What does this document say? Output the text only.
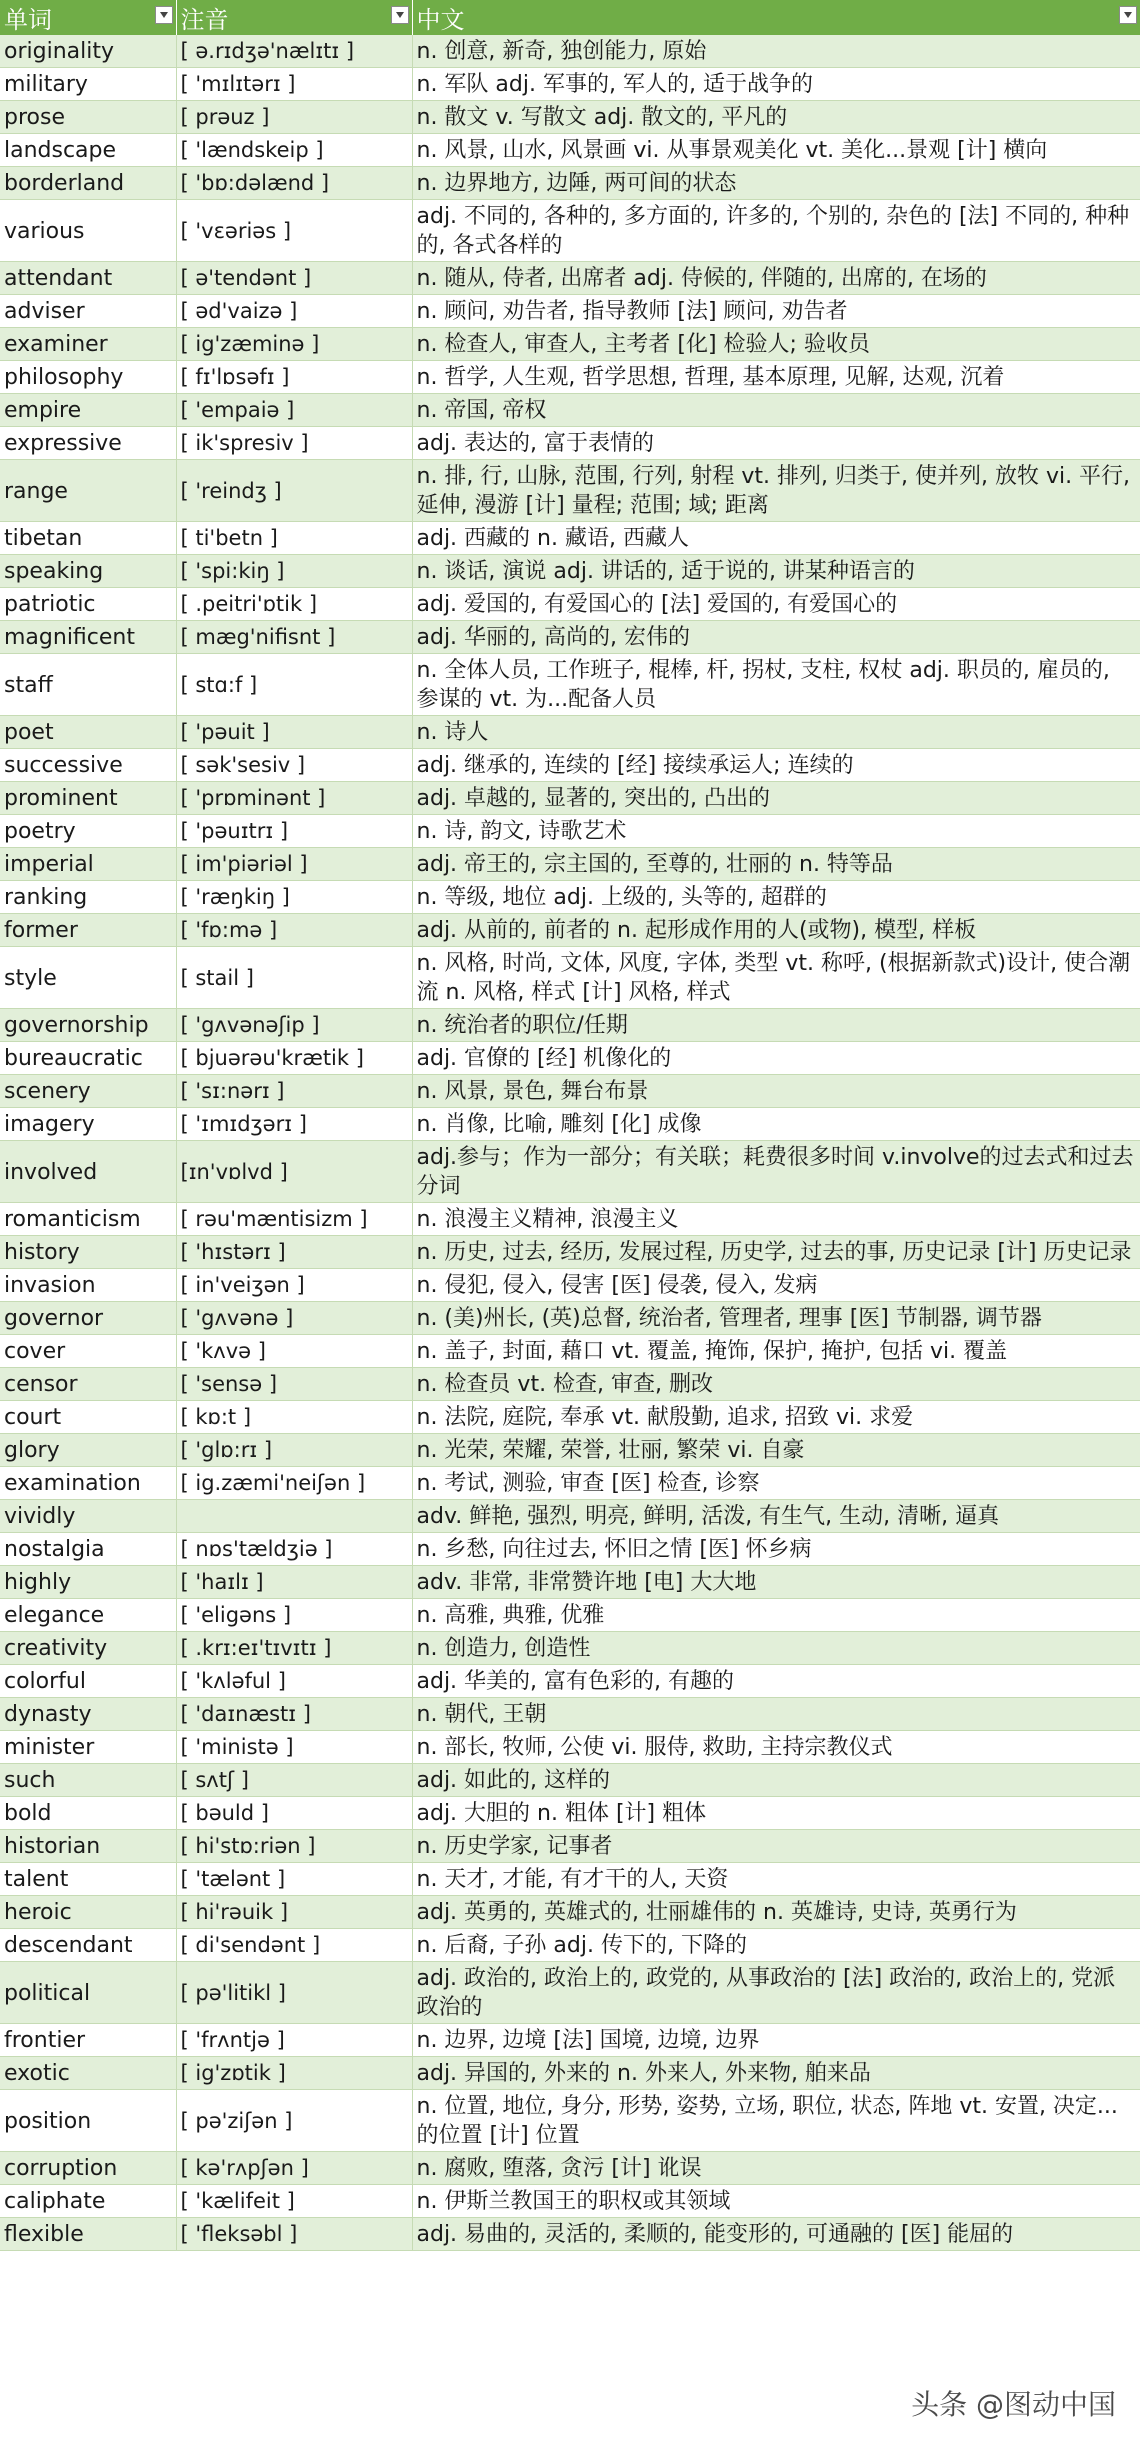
单词	注音	中文

originality	[ ə.rɪdʒə'nælɪtɪ ]	n. 创意, 新奇, 独创能力, 原始
military	[ 'mɪlɪtərɪ ]	n. 军队 adj. 军事的, 军人的, 适于战争的
prose	[ prəuz ]	n. 散文 v. 写散文 adj. 散文的, 平凡的
landscape	[ 'lændskeip ]	n. 风景, 山水, 风景画 vi. 从事景观美化 vt. 美化...景观 [计] 横向
borderland	[ 'bɒ:dəlænd ]	n. 边界地方, 边陲, 两可间的状态
various	[ 'vɛəriəs ]	adj. 不同的, 各种的, 多方面的, 许多的, 个别的, 杂色的 [法] 不同的, 种种的, 各式各样的
attendant	[ ə'tendənt ]	n. 随从, 侍者, 出席者 adj. 侍候的, 伴随的, 出席的, 在场的
adviser	[ əd'vaizə ]	n. 顾问, 劝告者, 指导教师 [法] 顾问, 劝告者
examiner	[ ig'zæminə ]	n. 检查人, 审查人, 主考者 [化] 检验人; 验收员
philosophy	[ fɪ'lɒsəfɪ ]	n. 哲学, 人生观, 哲学思想, 哲理, 基本原理, 见解, 达观, 沉着
empire	[ 'empaiə ]	n. 帝国, 帝权
expressive	[ ik'spresiv ]	adj. 表达的, 富于表情的
range	[ 'reindʒ ]	n. 排, 行, 山脉, 范围, 行列, 射程 vt. 排列, 归类于, 使并列, 放牧 vi. 平行, 延伸, 漫游 [计] 量程; 范围; 域; 距离
tibetan	[ ti'betn ]	adj. 西藏的 n. 藏语, 西藏人
speaking	[ 'spi:kiŋ ]	n. 谈话, 演说 adj. 讲话的, 适于说的, 讲某种语言的
patriotic	[ .peitri'ɒtik ]	adj. 爱国的, 有爱国心的 [法] 爱国的, 有爱国心的
magnificent	[ mæg'nifisnt ]	adj. 华丽的, 高尚的, 宏伟的
staff	[ stɑ:f ]	n. 全体人员, 工作班子, 棍棒, 杆, 拐杖, 支柱, 权杖 adj. 职员的, 雇员的, 参谋的 vt. 为...配备人员
poet	[ 'pəuit ]	n. 诗人
successive	[ sək'sesiv ]	adj. 继承的, 连续的 [经] 接续承运人; 连续的
prominent	[ 'prɒminənt ]	adj. 卓越的, 显著的, 突出的, 凸出的
poetry	[ 'pəuɪtrɪ ]	n. 诗, 韵文, 诗歌艺术
imperial	[ im'piəriəl ]	adj. 帝王的, 宗主国的, 至尊的, 壮丽的 n. 特等品
ranking	[ 'ræŋkiŋ ]	n. 等级, 地位 adj. 上级的, 头等的, 超群的
former	[ 'fɒ:mə ]	adj. 从前的, 前者的 n. 起形成作用的人(或物), 模型, 样板
style	[ stail ]	n. 风格, 时尚, 文体, 风度, 字体, 类型 vt. 称呼, (根据新款式)设计, 使合潮流 n. 风格, 样式 [计] 风格, 样式
governorship	[ 'gʌvənəʃip ]	n. 统治者的职位/任期
bureaucratic	[ bjuərəu'krætik ]	adj. 官僚的 [经] 机像化的
scenery	[ 'sɪ:nərɪ ]	n. 风景, 景色, 舞台布景
imagery	[ 'ɪmɪdʒərɪ ]	n. 肖像, 比喻, 雕刻 [化] 成像
involved	[ɪn'vɒlvd ]	adj.参与；作为一部分；有关联；耗费很多时间 v.involve的过去式和过去分词
romanticism	[ rəu'mæntisizm ]	n. 浪漫主义精神, 浪漫主义
history	[ 'hɪstərɪ ]	n. 历史, 过去, 经历, 发展过程, 历史学, 过去的事, 历史记录 [计] 历史记录
invasion	[ in'veiʒən ]	n. 侵犯, 侵入, 侵害 [医] 侵袭, 侵入, 发病
governor	[ 'gʌvənə ]	n. (美)州长, (英)总督, 统治者, 管理者, 理事 [医] 节制器, 调节器
cover	[ 'kʌvə ]	n. 盖子, 封面, 藉口 vt. 覆盖, 掩饰, 保护, 掩护, 包括 vi. 覆盖
censor	[ 'sensə ]	n. 检查员 vt. 检查, 审查, 删改
court	[ kɒ:t ]	n. 法院, 庭院, 奉承 vt. 献殷勤, 追求, 招致 vi. 求爱
glory	[ 'glɒ:rɪ ]	n. 光荣, 荣耀, 荣誉, 壮丽, 繁荣 vi. 自豪
examination	[ ig.zæmi'neiʃən ]	n. 考试, 测验, 审查 [医] 检查, 诊察
vividly		adv. 鲜艳, 强烈, 明亮, 鲜明, 活泼, 有生气, 生动, 清晰, 逼真
nostalgia	[ nɒs'tældʒiə ]	n. 乡愁, 向往过去, 怀旧之情 [医] 怀乡病
highly	[ 'haɪlɪ ]	adv. 非常, 非常赞许地 [电] 大大地
elegance	[ 'eligəns ]	n. 高雅, 典雅, 优雅
creativity	[ .krɪ:eɪ'tɪvɪtɪ ]	n. 创造力, 创造性
colorful	[ 'kʌləful ]	adj. 华美的, 富有色彩的, 有趣的
dynasty	[ 'daɪnæstɪ ]	n. 朝代, 王朝
minister	[ 'ministə ]	n. 部长, 牧师, 公使 vi. 服侍, 救助, 主持宗教仪式
such	[ sʌtʃ ]	adj. 如此的, 这样的
bold	[ bəuld ]	adj. 大胆的 n. 粗体 [计] 粗体
historian	[ hi'stɒ:riən ]	n. 历史学家, 记事者
talent	[ 'tælənt ]	n. 天才, 才能, 有才干的人, 天资
heroic	[ hi'rəuik ]	adj. 英勇的, 英雄式的, 壮丽雄伟的 n. 英雄诗, 史诗, 英勇行为
descendant	[ di'sendənt ]	n. 后裔, 子孙 adj. 传下的, 下降的
political	[ pə'litikl ]	adj. 政治的, 政治上的, 政党的, 从事政治的 [法] 政治的, 政治上的, 党派政治的
frontier	[ 'frʌntjə ]	n. 边界, 边境 [法] 国境, 边境, 边界
exotic	[ ig'zɒtik ]	adj. 异国的, 外来的 n. 外来人, 外来物, 舶来品
position	[ pə'ziʃən ]	n. 位置, 地位, 身分, 形势, 姿势, 立场, 职位, 状态, 阵地 vt. 安置, 决定...的位置 [计] 位置
corruption	[ kə'rʌpʃən ]	n. 腐败, 堕落, 贪污 [计] 讹误
caliphate	[ 'kælifeit ]	n. 伊斯兰教国王的职权或其领域
flexible	[ 'fleksəbl ]	adj. 易曲的, 灵活的, 柔顺的, 能变形的, 可通融的 [医] 能屈的
头条 @图动中国
